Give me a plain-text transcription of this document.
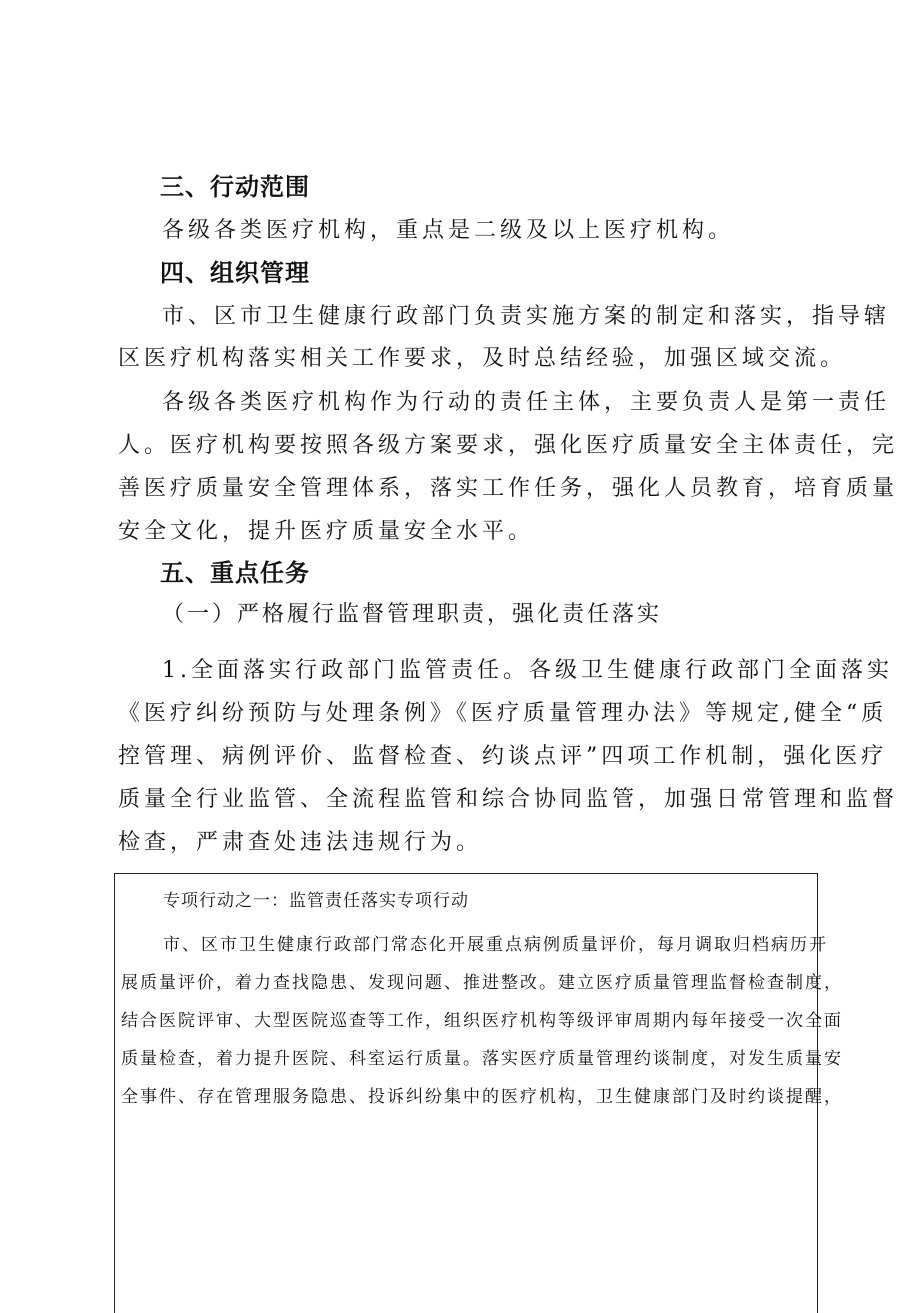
三、行动范围
各级各类医疗机构，重点是二级及以上医疗机构。
四、组织管理
市、区市卫生健康行政部门负责实施方案的制定和落实，指导辖
区医疗机构落实相关工作要求，及时总结经验，加强区域交流。
各级各类医疗机构作为行动的责任主体，主要负责人是第一责任
人。医疗机构要按照各级方案要求，强化医疗质量安全主体责任，完
善医疗质量安全管理体系，落实工作任务，强化人员教育，培育质量
安全文化，提升医疗质量安全水平。
五、重点任务
（一）严格履行监督管理职责，强化责任落实
1.全面落实行政部门监管责任。各级卫生健康行政部门全面落实
《医疗纠纷预防与处理条例》《医疗质量管理办法》等规定,健全“质
控管理、病例评价、监督检查、约谈点评”四项工作机制，强化医疗
质量全行业监管、全流程监管和综合协同监管，加强日常管理和监督
检查，严肃查处违法违规行为。
专项行动之一：监管责任落实专项行动
市、区市卫生健康行政部门常态化开展重点病例质量评价，每月调取归档病历开
展质量评价，着力查找隐患、发现问题、推进整改。建立医疗质量管理监督检查制度，
结合医院评审、大型医院巡查等工作，组织医疗机构等级评审周期内每年接受一次全面
质量检查，着力提升医院、科室运行质量。落实医疗质量管理约谈制度，对发生质量安
全事件、存在管理服务隐患、投诉纠纷集中的医疗机构，卫生健康部门及时约谈提醒，
